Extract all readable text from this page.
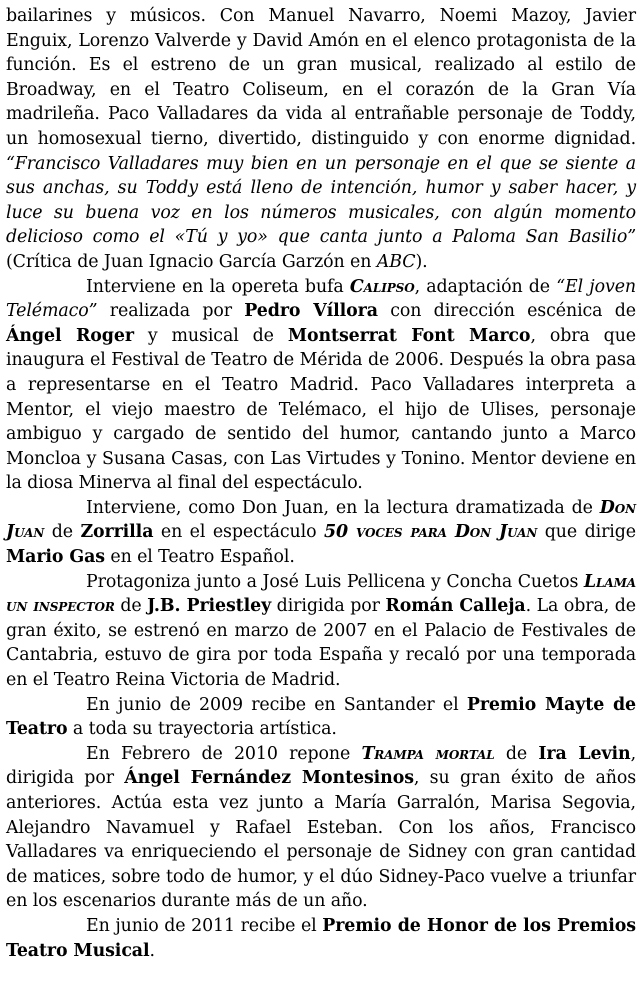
bailarines y músicos. Con Manuel Navarro, Noemi Mazoy, Javier Enguix, Lorenzo Valverde y David Amón en el elenco protagonista de la función. Es el estreno de un gran musical, realizado al estilo de Broadway, en el Teatro Coliseum, en el corazón de la Gran Vía madrileña. Paco Valladares da vida al entrañable personaje de Toddy, un homosexual tierno, divertido, distinguido y con enorme dignidad. “Francisco Valladares muy bien en un personaje en el que se siente a sus anchas, su Toddy está lleno de intención, humor y saber hacer, y luce su buena voz en los números musicales, con algún momento delicioso como el «Tú y yo» que canta junto a Paloma San Basilio” (Crítica de Juan Ignacio García Garzón en ABC).

Interviene en la opereta bufa Calipso, adaptación de “El joven Telémaco” realizada por Pedro Víllora con dirección escénica de Ángel Roger y musical de Montserrat Font Marco, obra que inaugura el Festival de Teatro de Mérida de 2006. Después la obra pasa a representarse en el Teatro Madrid. Paco Valladares interpreta a Mentor, el viejo maestro de Telémaco, el hijo de Ulises, personaje ambiguo y cargado de sentido del humor, cantando junto a Marco Moncloa y Susana Casas, con Las Virtudes y Tonino. Mentor deviene en la diosa Minerva al final del espectáculo.

Interviene, como Don Juan, en la lectura dramatizada de Don Juan de Zorrilla en el espectáculo 50 voces para Don Juan que dirige Mario Gas en el Teatro Español.

Protagoniza junto a José Luis Pellicena y Concha Cuetos Llama un inspector de J.B. Priestley dirigida por Román Calleja. La obra, de gran éxito, se estrenó en marzo de 2007 en el Palacio de Festivales de Cantabria, estuvo de gira por toda España y recaló por una temporada en el Teatro Reina Victoria de Madrid.

En junio de 2009 recibe en Santander el Premio Mayte de Teatro a toda su trayectoria artística.

En Febrero de 2010 repone Trampa mortal de Ira Levin, dirigida por Ángel Fernández Montesinos, su gran éxito de años anteriores. Actúa esta vez junto a María Garralón, Marisa Segovia, Alejandro Navamuel y Rafael Esteban. Con los años, Francisco Valladares va enriqueciendo el personaje de Sidney con gran cantidad de matices, sobre todo de humor, y el dúo Sidney-Paco vuelve a triunfar en los escenarios durante más de un año.

En junio de 2011 recibe el Premio de Honor de los Premios Teatro Musical.
